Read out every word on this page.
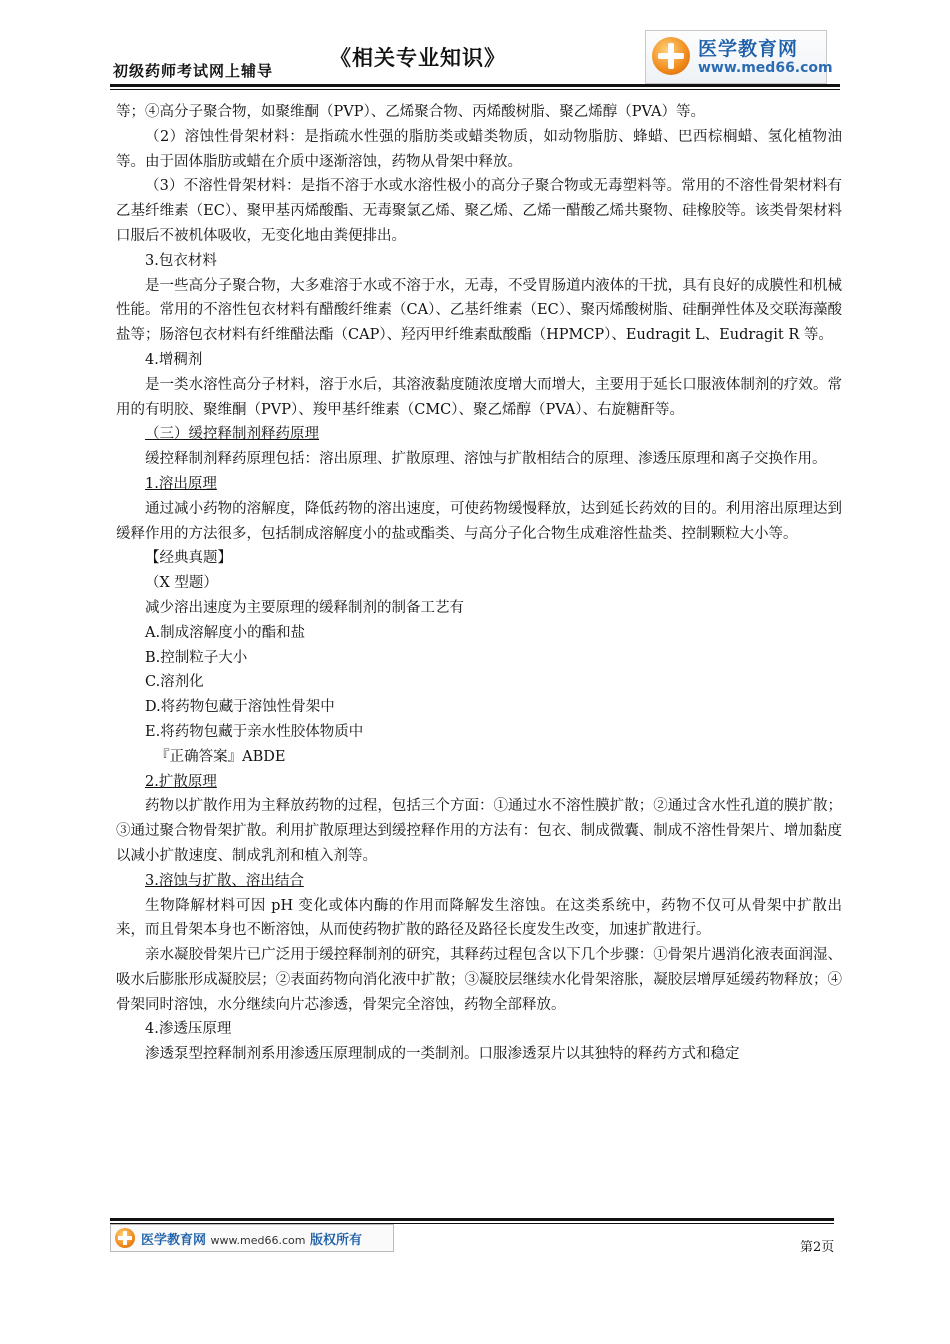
初级药师考试网上辅导
《相关专业知识》	医学教育网
www.med66.com

等；④高分子聚合物，如聚维酮（PVP）、乙烯聚合物、丙烯酸树脂、聚乙烯醇（PVA）等。

（2）溶蚀性骨架材料：是指疏水性强的脂肪类或蜡类物质，如动物脂肪、蜂蜡、巴西棕榈蜡、氢化植物油等。由于固体脂肪或蜡在介质中逐渐溶蚀，药物从骨架中释放。

（3）不溶性骨架材料：是指不溶于水或水溶性极小的高分子聚合物或无毒塑料等。常用的不溶性骨架材料有乙基纤维素（EC）、聚甲基丙烯酸酯、无毒聚氯乙烯、聚乙烯、乙烯一醋酸乙烯共聚物、硅橡胶等。该类骨架材料口服后不被机体吸收，无变化地由粪便排出。

3.包衣材料

是一些高分子聚合物，大多难溶于水或不溶于水，无毒，不受胃肠道内液体的干扰，具有良好的成膜性和机械性能。常用的不溶性包衣材料有醋酸纤维素（CA）、乙基纤维素（EC）、聚丙烯酸树脂、硅酮弹性体及交联海藻酸盐等；肠溶包衣材料有纤维醋法酯（CAP）、羟丙甲纤维素酞酸酯（HPMCP）、Eudragit L、Eudragit R 等。

4.增稠剂

是一类水溶性高分子材料，溶于水后，其溶液黏度随浓度增大而增大，主要用于延长口服液体制剂的疗效。常用的有明胶、聚维酮（PVP）、羧甲基纤维素（CMC）、聚乙烯醇（PVA）、右旋糖酐等。

（三）缓控释制剂释药原理

缓控释制剂释药原理包括：溶出原理、扩散原理、溶蚀与扩散相结合的原理、渗透压原理和离子交换作用。

1.溶出原理

通过减小药物的溶解度，降低药物的溶出速度，可使药物缓慢释放，达到延长药效的目的。利用溶出原理达到缓释作用的方法很多，包括制成溶解度小的盐或酯类、与高分子化合物生成难溶性盐类、控制颗粒大小等。

【经典真题】

（X 型题）

减少溶出速度为主要原理的缓释制剂的制备工艺有

A.制成溶解度小的酯和盐

B.控制粒子大小

C.溶剂化

D.将药物包藏于溶蚀性骨架中

E.将药物包藏于亲水性胶体物质中

『正确答案』ABDE

2.扩散原理

药物以扩散作用为主释放药物的过程，包括三个方面：①通过水不溶性膜扩散；②通过含水性孔道的膜扩散；③通过聚合物骨架扩散。利用扩散原理达到缓控释作用的方法有：包衣、制成微囊、制成不溶性骨架片、增加黏度以减小扩散速度、制成乳剂和植入剂等。

3.溶蚀与扩散、溶出结合

生物降解材料可因 pH 变化或体内酶的作用而降解发生溶蚀。在这类系统中，药物不仅可从骨架中扩散出来，而且骨架本身也不断溶蚀，从而使药物扩散的路径及路径长度发生改变，加速扩散进行。

亲水凝胶骨架片已广泛用于缓控释制剂的研究，其释药过程包含以下几个步骤：①骨架片遇消化液表面润湿、吸水后膨胀形成凝胶层；②表面药物向消化液中扩散；③凝胶层继续水化骨架溶胀，凝胶层增厚延缓药物释放；④骨架同时溶蚀，水分继续向片芯渗透，骨架完全溶蚀，药物全部释放。

4.渗透压原理

渗透泵型控释制剂系用渗透压原理制成的一类制剂。口服渗透泵片以其独特的释药方式和稳定

医学教育网 www.med66.com 版权所有	第2页
